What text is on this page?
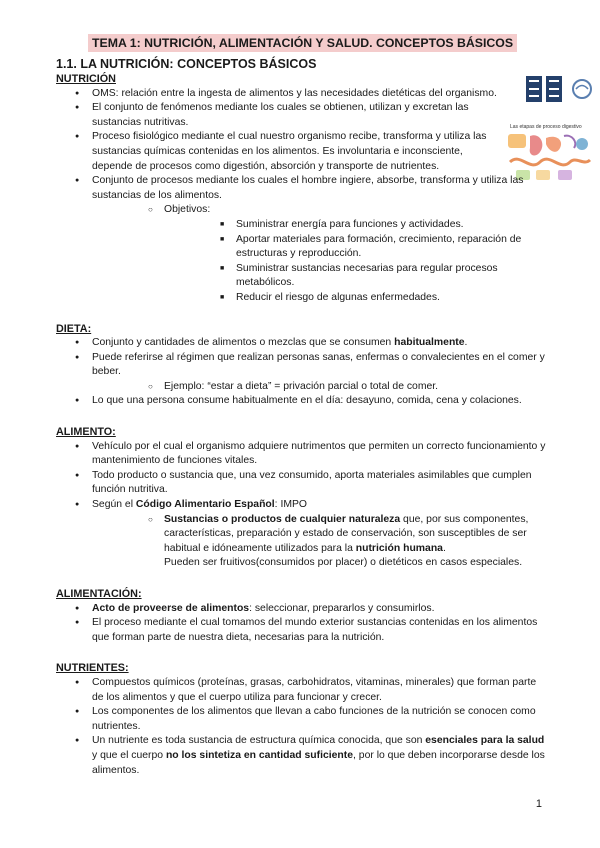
TEMA 1: NUTRICIÓN, ALIMENTACIÓN Y SALUD. CONCEPTOS BÁSICOS
1.1. LA NUTRICIÓN: CONCEPTOS BÁSICOS
Las etapas de proceso digestivo
NUTRICIÓN
● OMS: relación entre la ingesta de alimentos y las necesidades dietéticas del organismo.
● El conjunto de fenómenos mediante los cuales se obtienen, utilizan y excretan las sustancias nutritivas.
● Proceso fisiológico mediante el cual nuestro organismo recibe, transforma y utiliza las sustancias químicas contenidas en los alimentos. Es involuntaria e inconsciente, depende de procesos como digestión, absorción y transporte de nutrientes.
● Conjunto de procesos mediante los cuales el hombre ingiere, absorbe, transforma y utiliza las sustancias de los alimentos.
○ Objetivos:
■ Suministrar energía para funciones y actividades.
■ Aportar materiales para formación, crecimiento, reparación de estructuras y reproducción.
■ Suministrar sustancias necesarias para regular procesos metabólicos.
■ Reducir el riesgo de algunas enfermedades.
DIETA:
● Conjunto y cantidades de alimentos o mezclas que se consumen habitualmente.
● Puede referirse al régimen que realizan personas sanas, enfermas o convalecientes en el comer y beber.
○ Ejemplo: “estar a dieta” = privación parcial o total de comer.
● Lo que una persona consume habitualmente en el día: desayuno, comida, cena y colaciones.
ALIMENTO:
● Vehículo por el cual el organismo adquiere nutrimentos que permiten un correcto funcionamiento y mantenimiento de funciones vitales.
● Todo producto o sustancia que, una vez consumido, aporta materiales asimilables que cumplen función nutritiva.
● Según el Código Alimentario Español: IMPO
○ Sustancias o productos de cualquier naturaleza que, por sus componentes, características, preparación y estado de conservación, son susceptibles de ser habitual e idóneamente utilizados para la nutrición humana.
Pueden ser fruitivos(consumidos por placer) o dietéticos en casos especiales.
ALIMENTACIÓN:
● Acto de proveerse de alimentos: seleccionar, prepararlos y consumirlos.
● El proceso mediante el cual tomamos del mundo exterior sustancias contenidas en los alimentos que forman parte de nuestra dieta, necesarias para la nutrición.
NUTRIENTES:
● Compuestos químicos (proteínas, grasas, carbohidratos, vitaminas, minerales) que forman parte de los alimentos y que el cuerpo utiliza para funcionar y crecer.
● Los componentes de los alimentos que llevan a cabo funciones de la nutrición se conocen como nutrientes.
● Un nutriente es toda sustancia de estructura química conocida, que son esenciales para la salud y que el cuerpo no los sintetiza en cantidad suficiente, por lo que deben incorporarse desde los alimentos.
1
